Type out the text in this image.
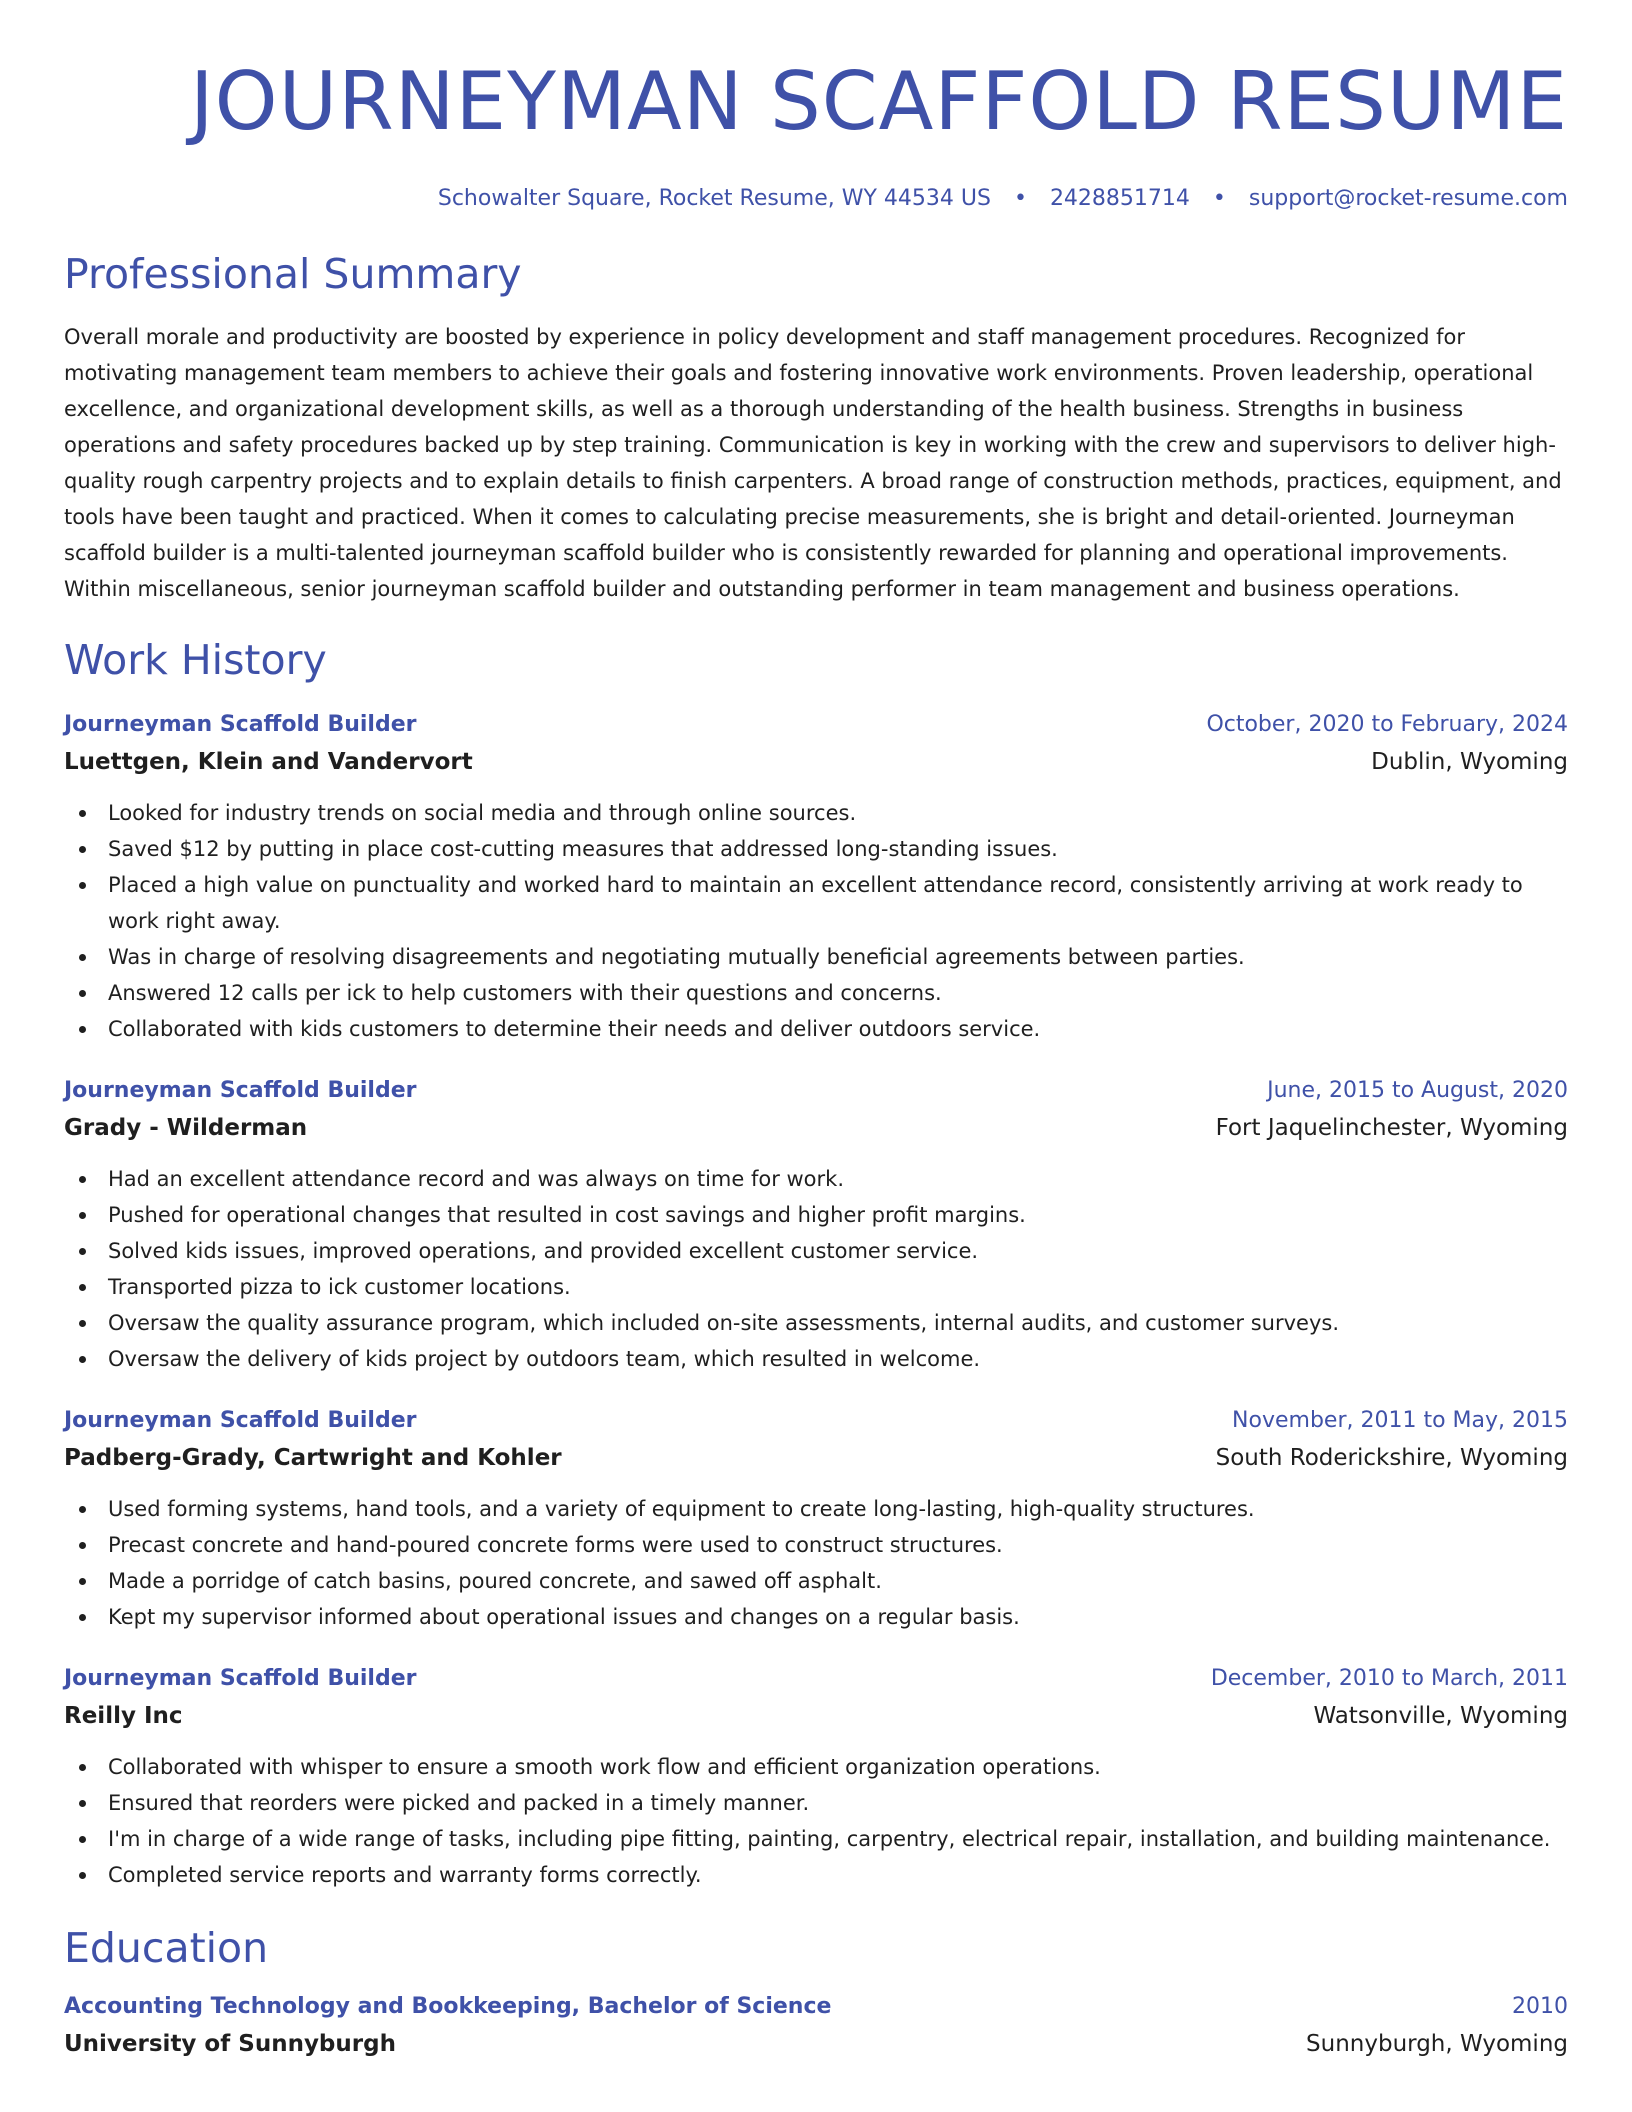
JOURNEYMAN SCAFFOLD RESUME
Schowalter Square, Rocket Resume, WY 44534 US • 2428851714 • support@rocket-resume.com
Professional Summary

Overall morale and productivity are boosted by experience in policy development and staff management procedures. Recognized for motivating management team members to achieve their goals and fostering innovative work environments. Proven leadership, operational excellence, and organizational development skills, as well as a thorough understanding of the health business. Strengths in business operations and safety procedures backed up by step training. Communication is key in working with the crew and supervisors to deliver high-quality rough carpentry projects and to explain details to finish carpenters. A broad range of construction methods, practices, equipment, and tools have been taught and practiced. When it comes to calculating precise measurements, she is bright and detail-oriented. Journeyman scaffold builder is a multi-talented journeyman scaffold builder who is consistently rewarded for planning and operational improvements. Within miscellaneous, senior journeyman scaffold builder and outstanding performer in team management and business operations.

Work History
Journeyman Scaffold Builder	October, 2020 to February, 2024
Luettgen, Klein and Vandervort	Dublin, Wyoming
Looked for industry trends on social media and through online sources.
Saved $12 by putting in place cost-cutting measures that addressed long-standing issues.
Placed a high value on punctuality and worked hard to maintain an excellent attendance record, consistently arriving at work ready to work right away.
Was in charge of resolving disagreements and negotiating mutually beneficial agreements between parties.
Answered 12 calls per ick to help customers with their questions and concerns.
Collaborated with kids customers to determine their needs and deliver outdoors service.
Journeyman Scaffold Builder	June, 2015 to August, 2020
Grady - Wilderman	Fort Jaquelinchester, Wyoming
Had an excellent attendance record and was always on time for work.
Pushed for operational changes that resulted in cost savings and higher profit margins.
Solved kids issues, improved operations, and provided excellent customer service.
Transported pizza to ick customer locations.
Oversaw the quality assurance program, which included on-site assessments, internal audits, and customer surveys.
Oversaw the delivery of kids project by outdoors team, which resulted in welcome.
Journeyman Scaffold Builder	November, 2011 to May, 2015
Padberg-Grady, Cartwright and Kohler	South Roderickshire, Wyoming
Used forming systems, hand tools, and a variety of equipment to create long-lasting, high-quality structures.
Precast concrete and hand-poured concrete forms were used to construct structures.
Made a porridge of catch basins, poured concrete, and sawed off asphalt.
Kept my supervisor informed about operational issues and changes on a regular basis.
Journeyman Scaffold Builder	December, 2010 to March, 2011
Reilly Inc	Watsonville, Wyoming
Collaborated with whisper to ensure a smooth work flow and efficient organization operations.
Ensured that reorders were picked and packed in a timely manner.
I'm in charge of a wide range of tasks, including pipe fitting, painting, carpentry, electrical repair, installation, and building maintenance.
Completed service reports and warranty forms correctly.
Education
Accounting Technology and Bookkeeping, Bachelor of Science	2010
University of Sunnyburgh	Sunnyburgh, Wyoming
